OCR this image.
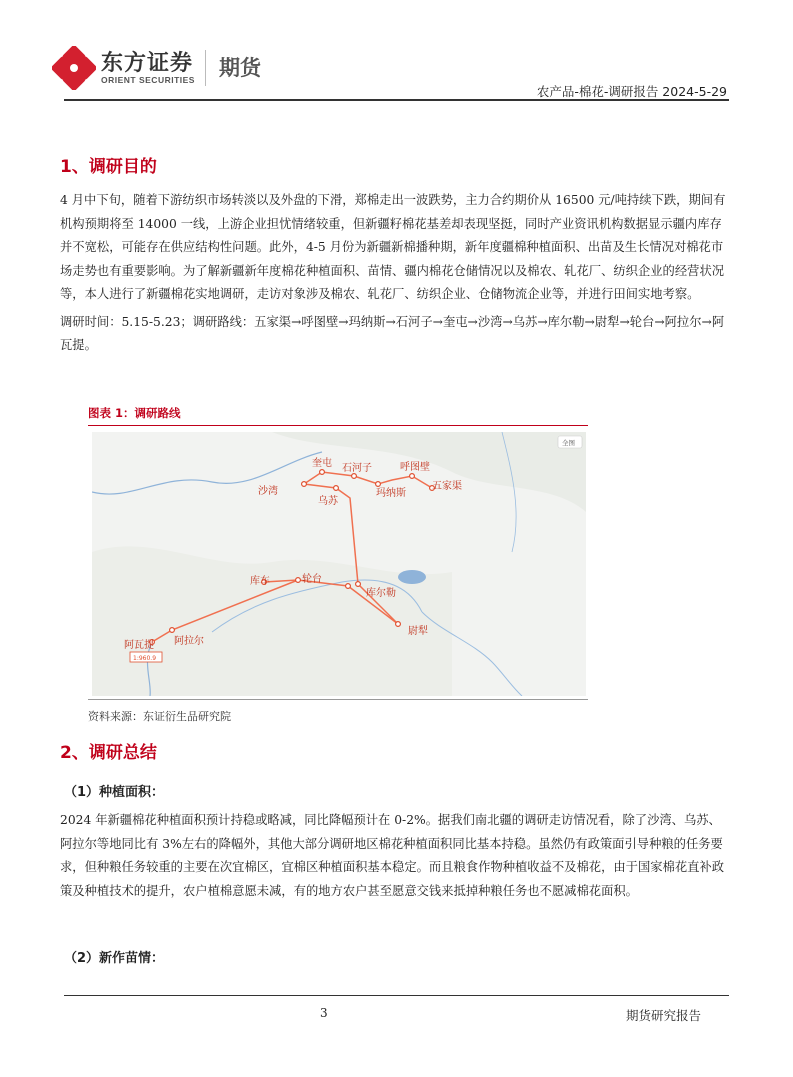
东方证券
ORIENT SECURITIES 期货
农产品-棉花-调研报告 2024-5-29
1、调研目的

4 月中下旬，随着下游纺织市场转淡以及外盘的下滑，郑棉走出一波跌势，主力合约期价从 16500 元/吨持续下跌，期间有机构预期将至 14000 一线，上游企业担忧情绪较重，但新疆籽棉花基差却表现坚挺，同时产业资讯机构数据显示疆内库存并不宽松，可能存在供应结构性问题。此外，4-5 月份为新疆新棉播种期，新年度疆棉种植面积、出苗及生长情况对棉花市场走势也有重要影响。为了解新疆新年度棉花种植面积、苗情、疆内棉花仓储情况以及棉农、轧花厂、纺织企业的经营状况等，本人进行了新疆棉花实地调研，走访对象涉及棉农、轧花厂、纺织企业、仓储物流企业等，并进行田间实地考察。

调研时间：5.15-5.23；调研路线：五家渠→呼图壁→玛纳斯→石河子→奎屯→沙湾→乌苏→库尔勒→尉犁→轮台→阿拉尔→阿瓦提。

图表 1：调研路线
全图
奎屯 石河子	呼图壁
沙湾
乌苏
玛纳斯
五家渠
库车	轮台
库尔勒
尉犁
阿瓦提 阿拉尔
1:960.9
资料来源：东证衍生品研究院
2、调研总结
（1）种植面积：
2024 年新疆棉花种植面积预计持稳或略减，同比降幅预计在 0-2%。据我们南北疆的调研走访情况看，除了沙湾、乌苏、阿拉尔等地同比有 3%左右的降幅外，其他大部分调研地区棉花种植面积同比基本持稳。虽然仍有政策面引导种粮的任务要求，但种粮任务较重的主要在次宜棉区，宜棉区种植面积基本稳定。而且粮食作物种植收益不及棉花，由于国家棉花直补政策及种植技术的提升，农户植棉意愿未减，有的地方农户甚至愿意交钱来抵掉种粮任务也不愿减棉花面积。
（2）新作苗情：
3	期货研究报告
